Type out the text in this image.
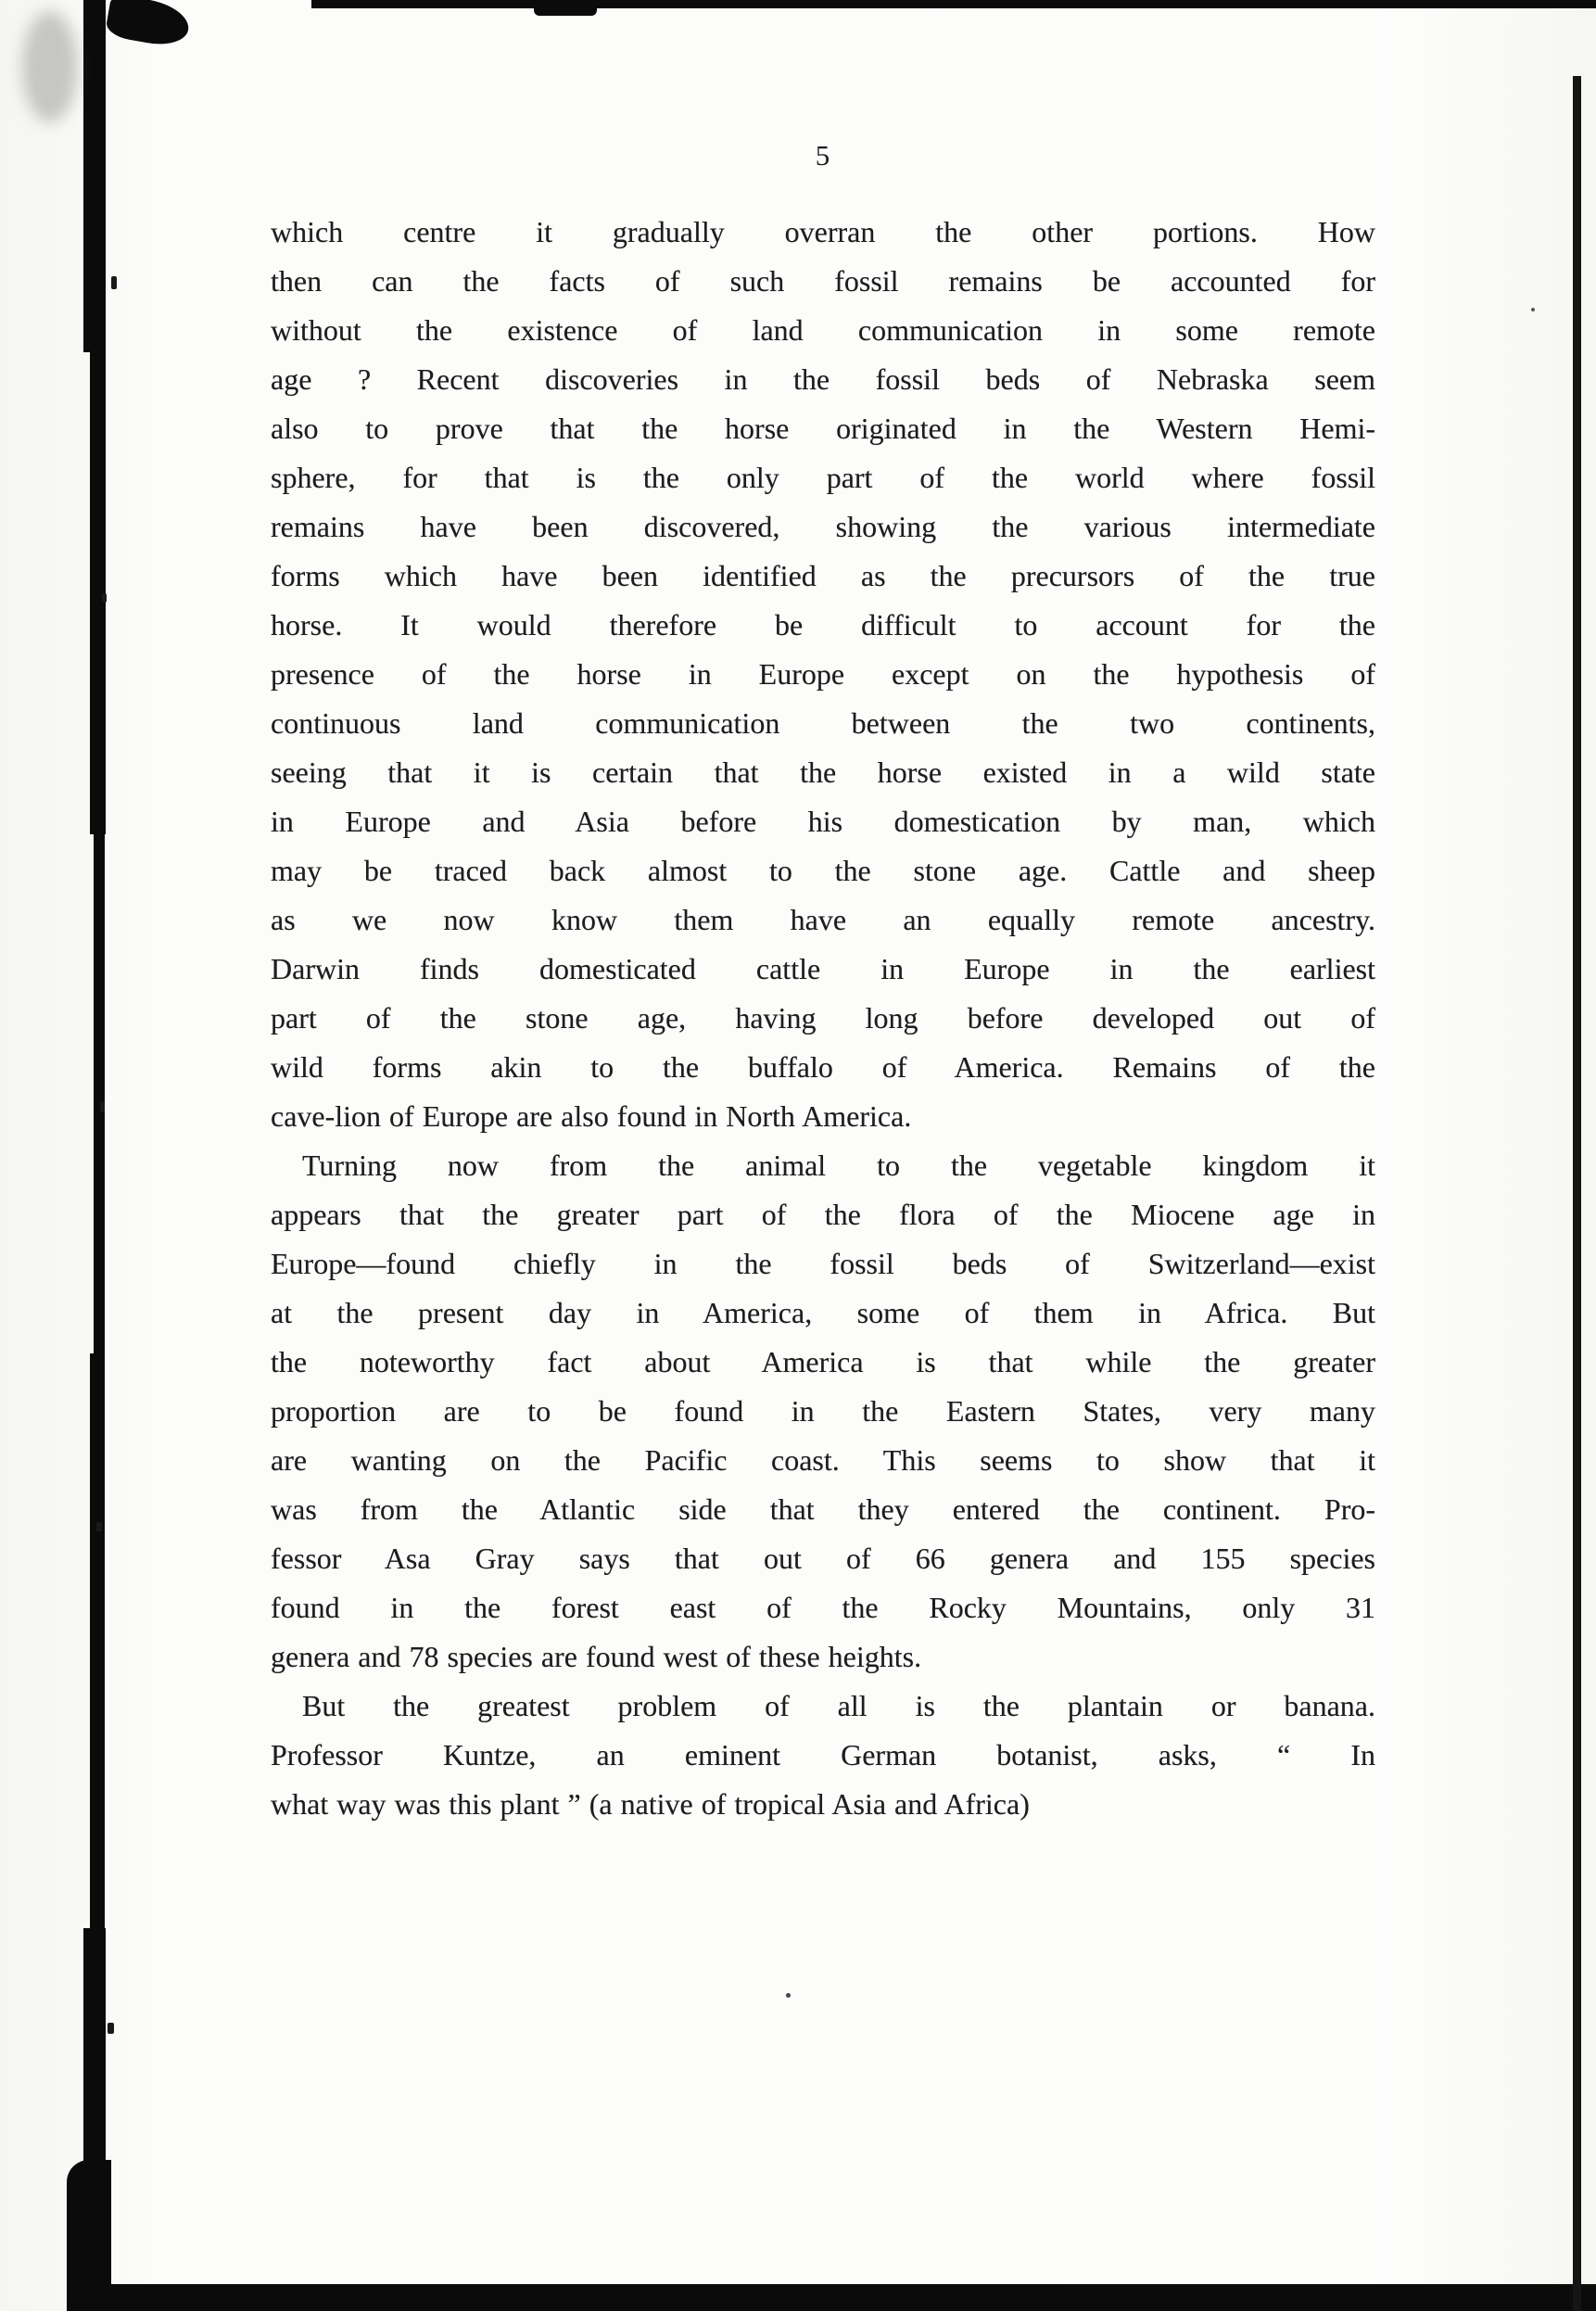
5
which centre it gradually overran the other portions. How
then can the facts of such fossil remains be accounted for
without the existence of land communication in some remote
age ? Recent discoveries in the fossil beds of Nebraska seem
also to prove that the horse originated in the Western Hemi-
sphere, for that is the only part of the world where fossil
remains have been discovered, showing the various intermediate
forms which have been identified as the precursors of the true
horse. It would therefore be difficult to account for the
presence of the horse in Europe except on the hypothesis of
continuous land communication between the two continents,
seeing that it is certain that the horse existed in a wild state
in Europe and Asia before his domestication by man, which
may be traced back almost to the stone age. Cattle and sheep
as we now know them have an equally remote ancestry.
Darwin finds domesticated cattle in Europe in the earliest
part of the stone age, having long before developed out of
wild forms akin to the buffalo of America. Remains of the
cave-lion of Europe are also found in North America.
Turning now from the animal to the vegetable kingdom it
appears that the greater part of the flora of the Miocene age in
Europe—found chiefly in the fossil beds of Switzerland—exist
at the present day in America, some of them in Africa. But
the noteworthy fact about America is that while the greater
proportion are to be found in the Eastern States, very many
are wanting on the Pacific coast. This seems to show that it
was from the Atlantic side that they entered the continent. Pro-
fessor Asa Gray says that out of 66 genera and 155 species
found in the forest east of the Rocky Mountains, only 31
genera and 78 species are found west of these heights.
But the greatest problem of all is the plantain or banana.
Professor Kuntze, an eminent German botanist, asks, “ In
what way was this plant ” (a native of tropical Asia and Africa)
